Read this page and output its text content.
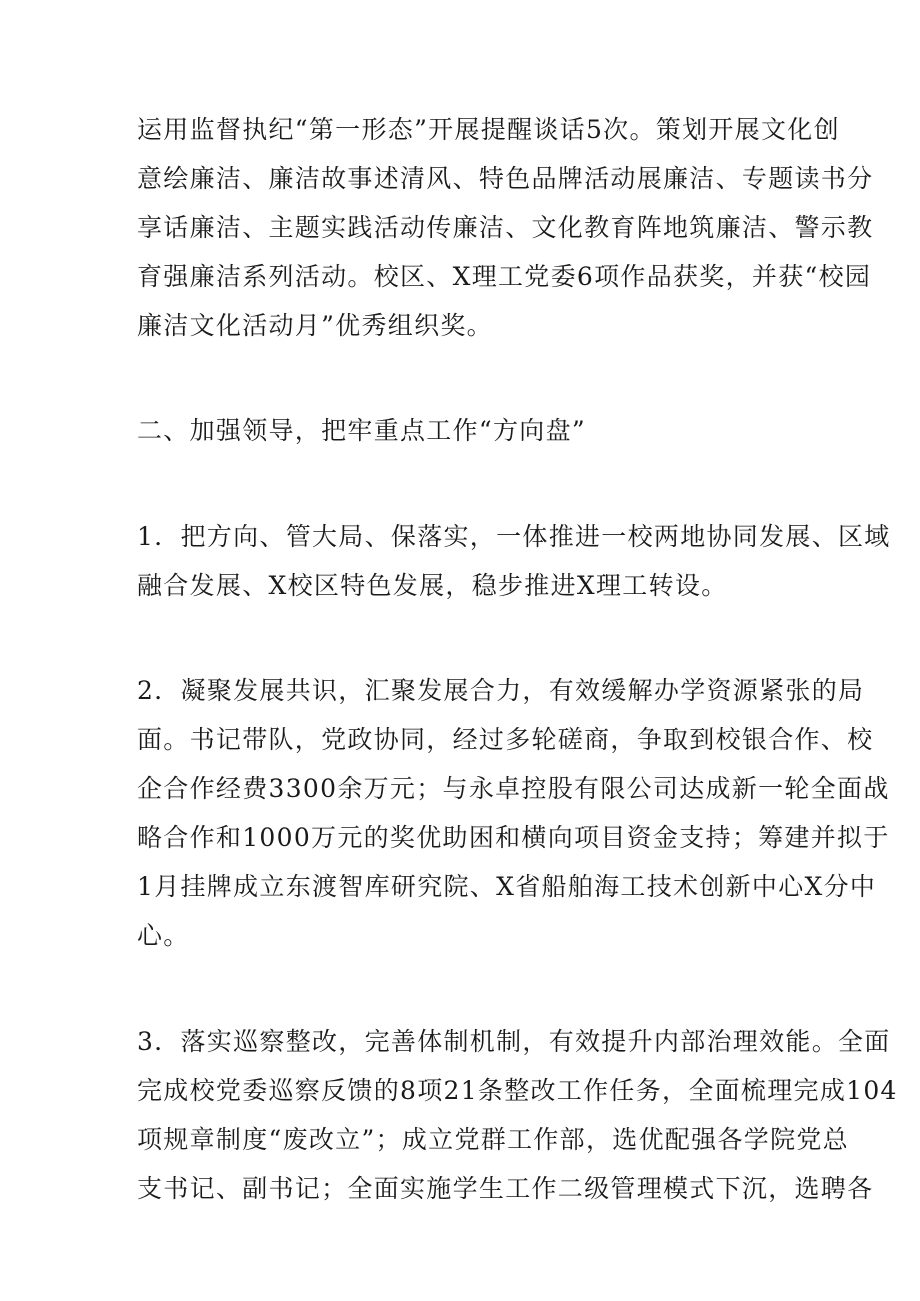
运用监督执纪“第一形态”开展提醒谈话5次。策划开展文化创

意绘廉洁、廉洁故事述清风、特色品牌活动展廉洁、专题读书分

享话廉洁、主题实践活动传廉洁、文化教育阵地筑廉洁、警示教

育强廉洁系列活动。校区、X理工党委6项作品获奖，并获“校园

廉洁文化活动月”优秀组织奖。

二、加强领导，把牢重点工作“方向盘”

1．把方向、管大局、保落实，一体推进一校两地协同发展、区域

融合发展、X校区特色发展，稳步推进X理工转设。

2．凝聚发展共识，汇聚发展合力，有效缓解办学资源紧张的局

面。书记带队，党政协同，经过多轮磋商，争取到校银合作、校

企合作经费3300余万元；与永卓控股有限公司达成新一轮全面战

略合作和1000万元的奖优助困和横向项目资金支持；筹建并拟于

1月挂牌成立东渡智库研究院、X省船舶海工技术创新中心X分中

心。

3．落实巡察整改，完善体制机制，有效提升内部治理效能。全面

完成校党委巡察反馈的8项21条整改工作任务，全面梳理完成104

项规章制度“废改立”；成立党群工作部，选优配强各学院党总

支书记、副书记；全面实施学生工作二级管理模式下沉，选聘各
